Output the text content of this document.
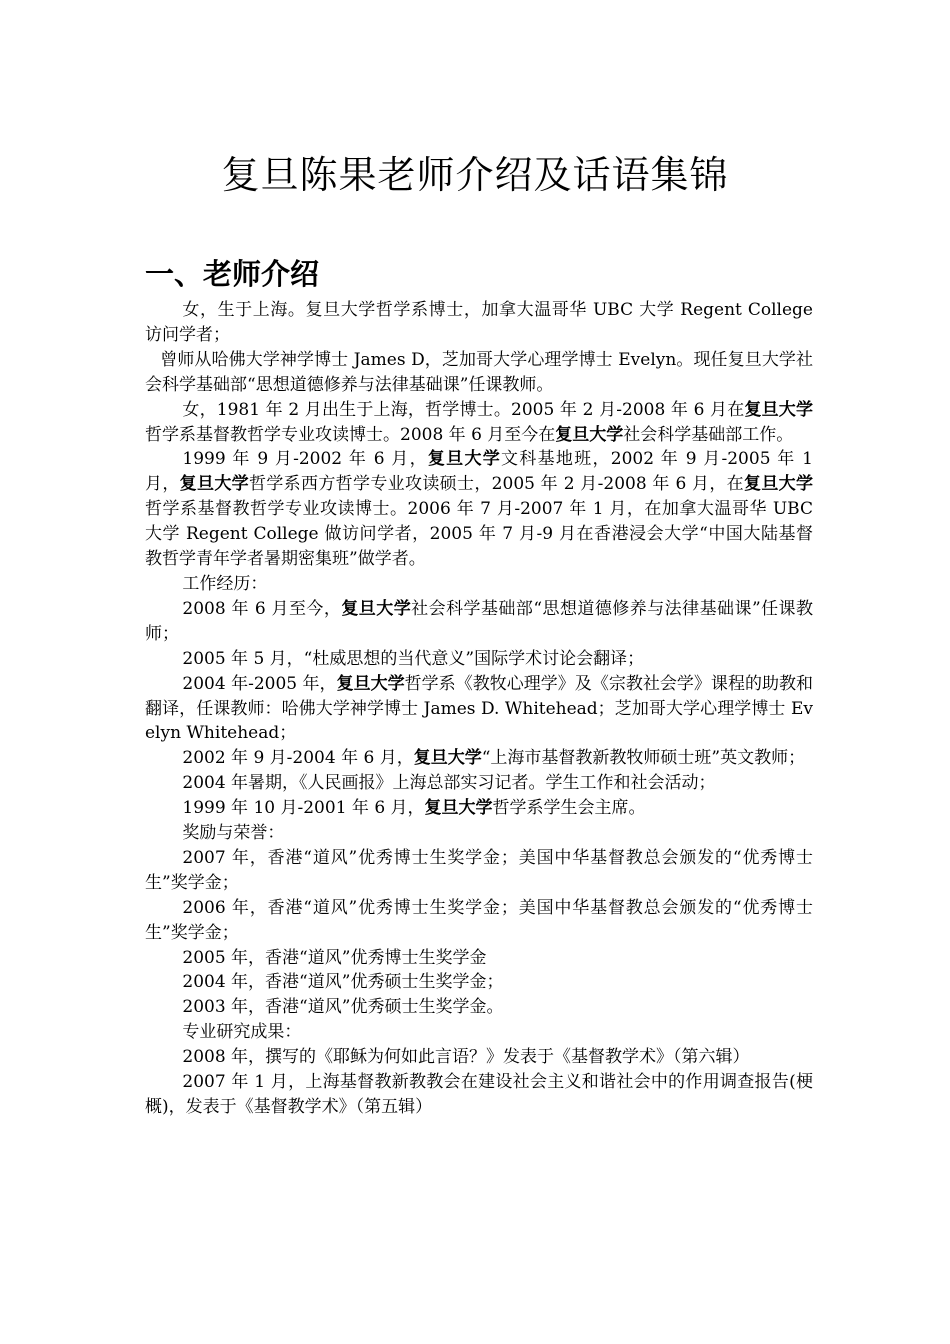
复旦陈果老师介绍及话语集锦
一、老师介绍

女，生于上海。复旦大学哲学系博士，加拿大温哥华 UBC 大学 Regent College 访问学者；

曾师从哈佛大学神学博士 James D，芝加哥大学心理学博士 Evelyn。现任复旦大学社会科学基础部“思想道德修养与法律基础课”任课教师。

女，1981 年 2 月出生于上海，哲学博士。2005 年 2 月-2008 年 6 月在复旦大学哲学系基督教哲学专业攻读博士。2008 年 6 月至今在复旦大学社会科学基础部工作。

1999 年 9 月-2002 年 6 月，复旦大学文科基地班，2002 年 9 月-2005 年 1 月，复旦大学哲学系西方哲学专业攻读硕士，2005 年 2 月-2008 年 6 月，在复旦大学哲学系基督教哲学专业攻读博士。2006 年 7 月-2007 年 1 月，在加拿大温哥华 UBC 大学 Regent College 做访问学者，2005 年 7 月-9 月在香港浸会大学“中国大陆基督教哲学青年学者暑期密集班”做学者。

工作经历：

2008 年 6 月至今，复旦大学社会科学基础部“思想道德修养与法律基础课”任课教师；

2005 年 5 月，“杜威思想的当代意义”国际学术讨论会翻译；

2004 年-2005 年，复旦大学哲学系《教牧心理学》及《宗教社会学》课程的助教和翻译，任课教师：哈佛大学神学博士 James D. Whitehead；芝加哥大学心理学博士 Evelyn Whitehead；

2002 年 9 月-2004 年 6 月，复旦大学“上海市基督教新教牧师硕士班”英文教师；

2004 年暑期，《人民画报》上海总部实习记者。学生工作和社会活动；

1999 年 10 月-2001 年 6 月，复旦大学哲学系学生会主席。

奖励与荣誉：

2007 年，香港“道风”优秀博士生奖学金；美国中华基督教总会颁发的“优秀博士生”奖学金；

2006 年，香港“道风”优秀博士生奖学金；美国中华基督教总会颁发的“优秀博士生”奖学金；

2005 年，香港“道风”优秀博士生奖学金

2004 年，香港“道风”优秀硕士生奖学金；

2003 年，香港“道风”优秀硕士生奖学金。

专业研究成果：

2008 年，撰写的《耶稣为何如此言语？》发表于《基督教学术》（第六辑）

2007 年 1 月，上海基督教新教教会在建设社会主义和谐社会中的作用调查报告(梗概)，发表于《基督教学术》（第五辑）
